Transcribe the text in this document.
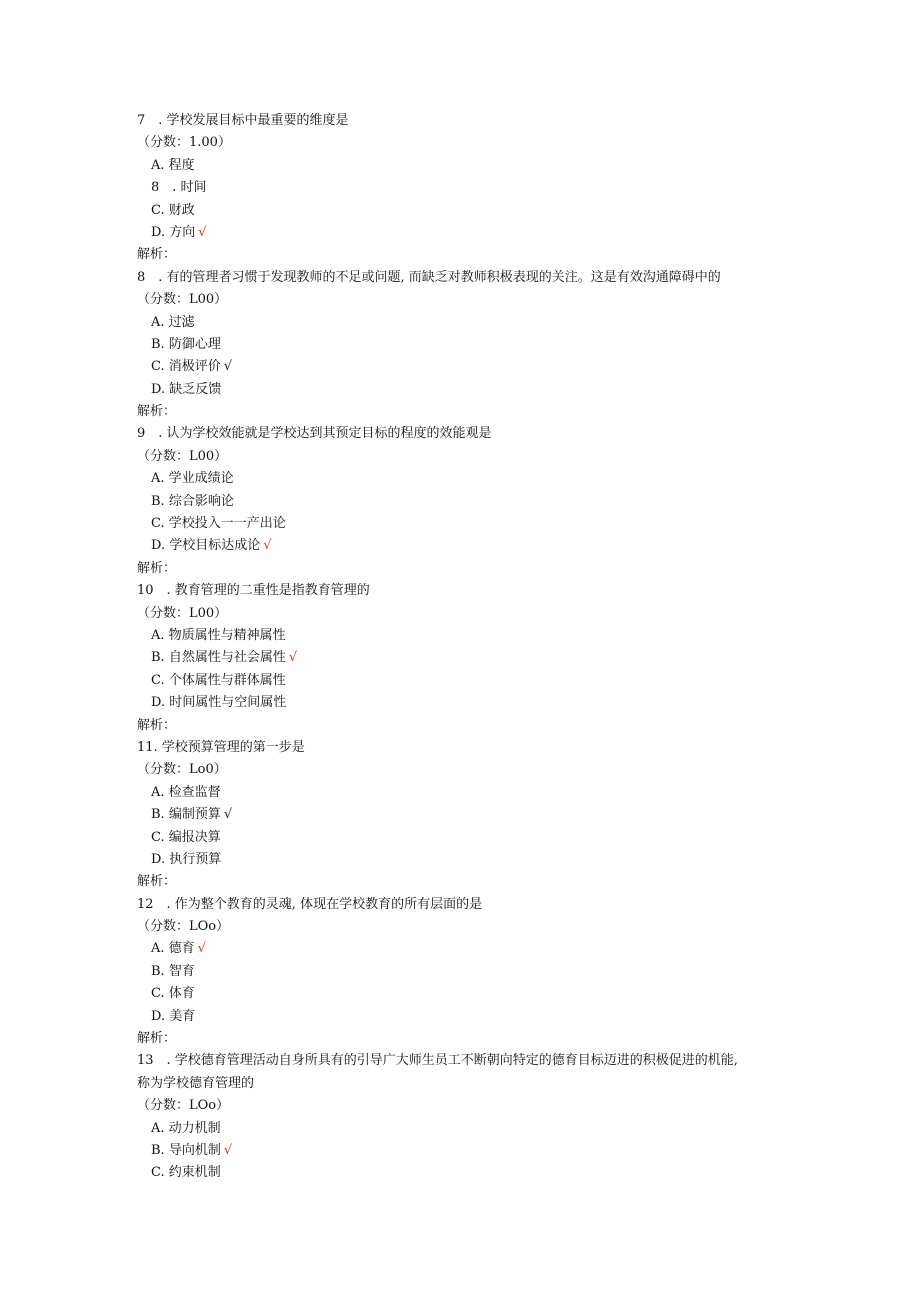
7　. 学校发展目标中最重要的维度是
（分数：1.00）
A. 程度
8　. 时间
C. 财政
D. 方向 √
解析：
8　. 有的管理者习惯于发现教师的不足或问题, 而缺乏对教师积极表现的关注。这是有效沟通障碍中的
（分数：L00）
A. 过滤
B. 防御心理
C. 消极评价 √
D. 缺乏反馈
解析：
9　. 认为学校效能就是学校达到其预定目标的程度的效能观是
（分数：L00）
A. 学业成绩论
B. 综合影响论
C. 学校投入一一产出论
D. 学校目标达成论 √
解析：
10　. 教育管理的二重性是指教育管理的
（分数：L00）
A. 物质属性与精神属性
B. 自然属性与社会属性 √
C. 个体属性与群体属性
D. 时间属性与空间属性
解析：
11. 学校预算管理的第一步是
（分数：Lo0）
A. 检查监督
B. 编制预算 √
C. 编报决算
D. 执行预算
解析：
12　. 作为整个教育的灵魂, 体现在学校教育的所有层面的是
（分数：LOo）
A. 德育 √
B. 智育
C. 体育
D. 美育
解析：
13　. 学校德育管理活动自身所具有的引导广大师生员工不断朝向特定的德育目标迈进的积极促进的机能,
称为学校德育管理的
（分数：LOo）
A. 动力机制
B. 导向机制 √
C. 约束机制
